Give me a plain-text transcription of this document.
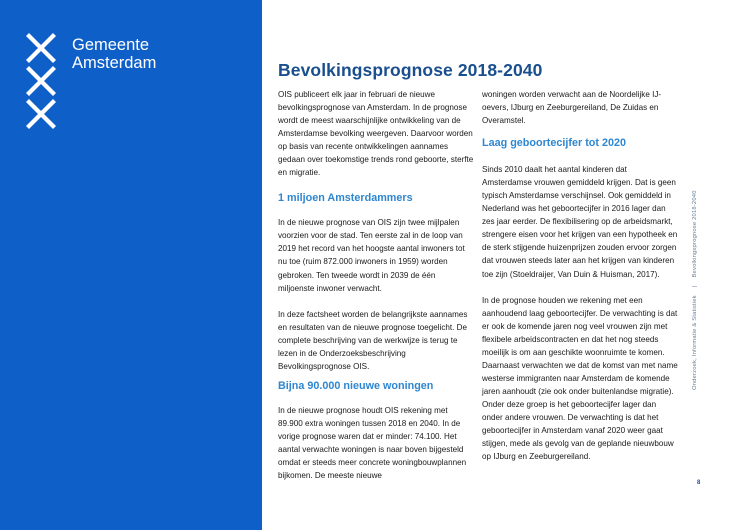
Gemeente
Amsterdam	Bevolkingsprognose 2018-2040

OIS publiceert elk jaar in februari de nieuwe bevolkingsprognose van Amsterdam. In de prognose wordt de meest waarschijnlijke ontwikkeling van de Amsterdamse bevolking weergeven. Daarvoor worden op basis van recente ontwikkelingen aannames gedaan over toekomstige trends rond geboorte, sterfte en migratie.

1 miljoen Amsterdammers

In de nieuwe prognose van OIS zijn twee mijlpalen voorzien voor de stad. Ten eerste zal in de loop van 2019 het record van het hoogste aantal inwoners tot nu toe (ruim 872.000 inwoners in 1959) worden gebroken. Ten tweede wordt in 2039 de één miljoenste inwoner verwacht.

In deze factsheet worden de belangrijkste aannames en resultaten van de nieuwe prognose toegelicht. De complete beschrijving van de werkwijze is terug te lezen in de Onderzoeksbeschrijving Bevolkingsprognose OIS.

Bijna 90.000 nieuwe woningen

In de nieuwe prognose houdt OIS rekening met 89.900 extra woningen tussen 2018 en 2040. In de vorige prognose waren dat er minder: 74.100. Het aantal verwachte woningen is naar boven bijgesteld omdat er steeds meer concrete woningbouwplannen bijkomen. De meeste nieuwe

woningen worden verwacht aan de Noordelijke IJ-oevers, IJburg en Zeeburgereiland, De Zuidas en Overamstel.

Laag geboortecijfer tot 2020

Sinds 2010 daalt het aantal kinderen dat Amsterdamse vrouwen gemiddeld krijgen. Dat is geen typisch Amsterdamse verschijnsel. Ook gemiddeld in Nederland was het geboortecijfer in 2016 lager dan zes jaar eerder. De flexibilisering op de arbeidsmarkt, strengere eisen voor het krijgen van een hypotheek en de sterk stijgende huizenprijzen zouden ervoor zorgen dat vrouwen steeds later aan het krijgen van kinderen toe zijn (Stoeldraijer, Van Duin & Huisman, 2017).

In de prognose houden we rekening met een aanhoudend laag geboortecijfer. De verwachting is dat er ook de komende jaren nog veel vrouwen zijn met flexibele arbeidscontracten en dat het nog steeds moeilijk is om aan geschikte woonruimte te komen. Daarnaast verwachten we dat de komst van met name westerse immigranten naar Amsterdam de komende jaren aanhoudt (zie ook onder buitenlandse migratie). Onder deze groep is het geboortecijfer lager dan onder andere vrouwen. De verwachting is dat het geboortecijfer in Amsterdam vanaf 2020 weer gaat stijgen, mede als gevolg van de geplande nieuwbouw op IJburg en Zeeburgereiland.

Onderzoek, Informatie & Statistiek|Bevolkingsprognose 2018-2040
8
